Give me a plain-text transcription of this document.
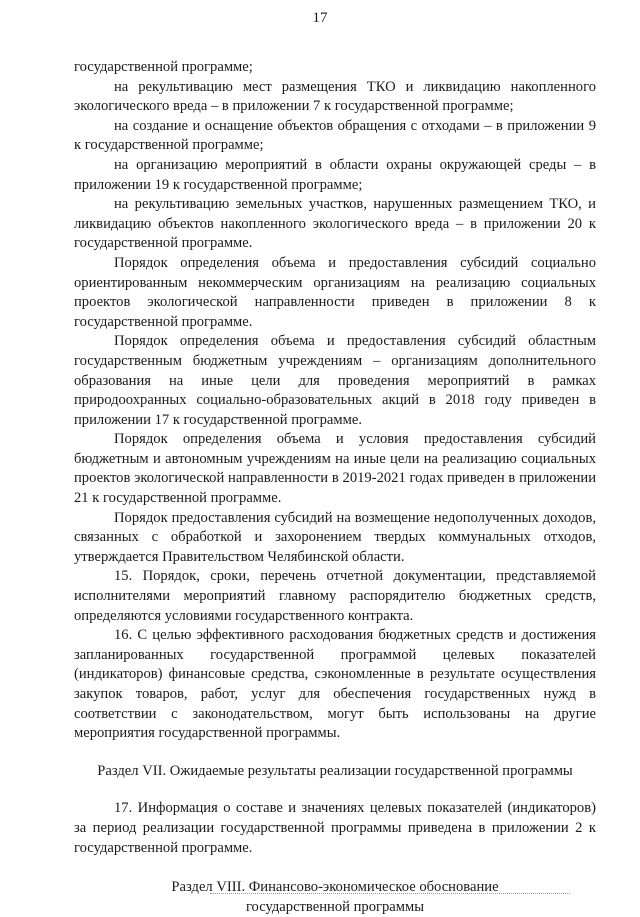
17

государственной программе;

на рекультивацию мест размещения ТКО и ликвидацию накопленного экологического вреда – в приложении 7 к государственной программе;

на создание и оснащение объектов обращения с отходами – в приложении 9 к государственной программе;

на организацию мероприятий в области охраны окружающей среды – в приложении 19 к государственной программе;

на рекультивацию земельных участков, нарушенных размещением ТКО, и ликвидацию объектов накопленного экологического вреда – в приложении 20 к государственной программе.

Порядок определения объема и предоставления субсидий социально ориентированным некоммерческим организациям на реализацию социальных проектов экологической направленности приведен в приложении 8 к государственной программе.

Порядок определения объема и предоставления субсидий областным государственным бюджетным учреждениям – организациям дополнительного образования на иные цели для проведения мероприятий в рамках природоохранных социально-образовательных акций в 2018 году приведен в приложении 17 к государственной программе.

Порядок определения объема и условия предоставления субсидий бюджетным и автономным учреждениям на иные цели на реализацию социальных проектов экологической направленности в 2019-2021 годах приведен в приложении 21 к государственной программе.

Порядок предоставления субсидий на возмещение недополученных доходов, связанных с обработкой и захоронением твердых коммунальных отходов, утверждается Правительством Челябинской области.

15. Порядок, сроки, перечень отчетной документации, представляемой исполнителями мероприятий главному распорядителю бюджетных средств, определяются условиями государственного контракта.

16. С целью эффективного расходования бюджетных средств и достижения запланированных государственной программой целевых показателей (индикаторов) финансовые средства, сэкономленные в результате осуществления закупок товаров, работ, услуг для обеспечения государственных нужд в соответствии с законодательством, могут быть использованы на другие мероприятия государственной программы.

Раздел VII. Ожидаемые результаты реализации государственной программы

17. Информация о составе и значениях целевых показателей (индикаторов) за период реализации государственной программы приведена в приложении 2 к государственной программе.

Раздел VIII. Финансово-экономическое обоснование

государственной программы
